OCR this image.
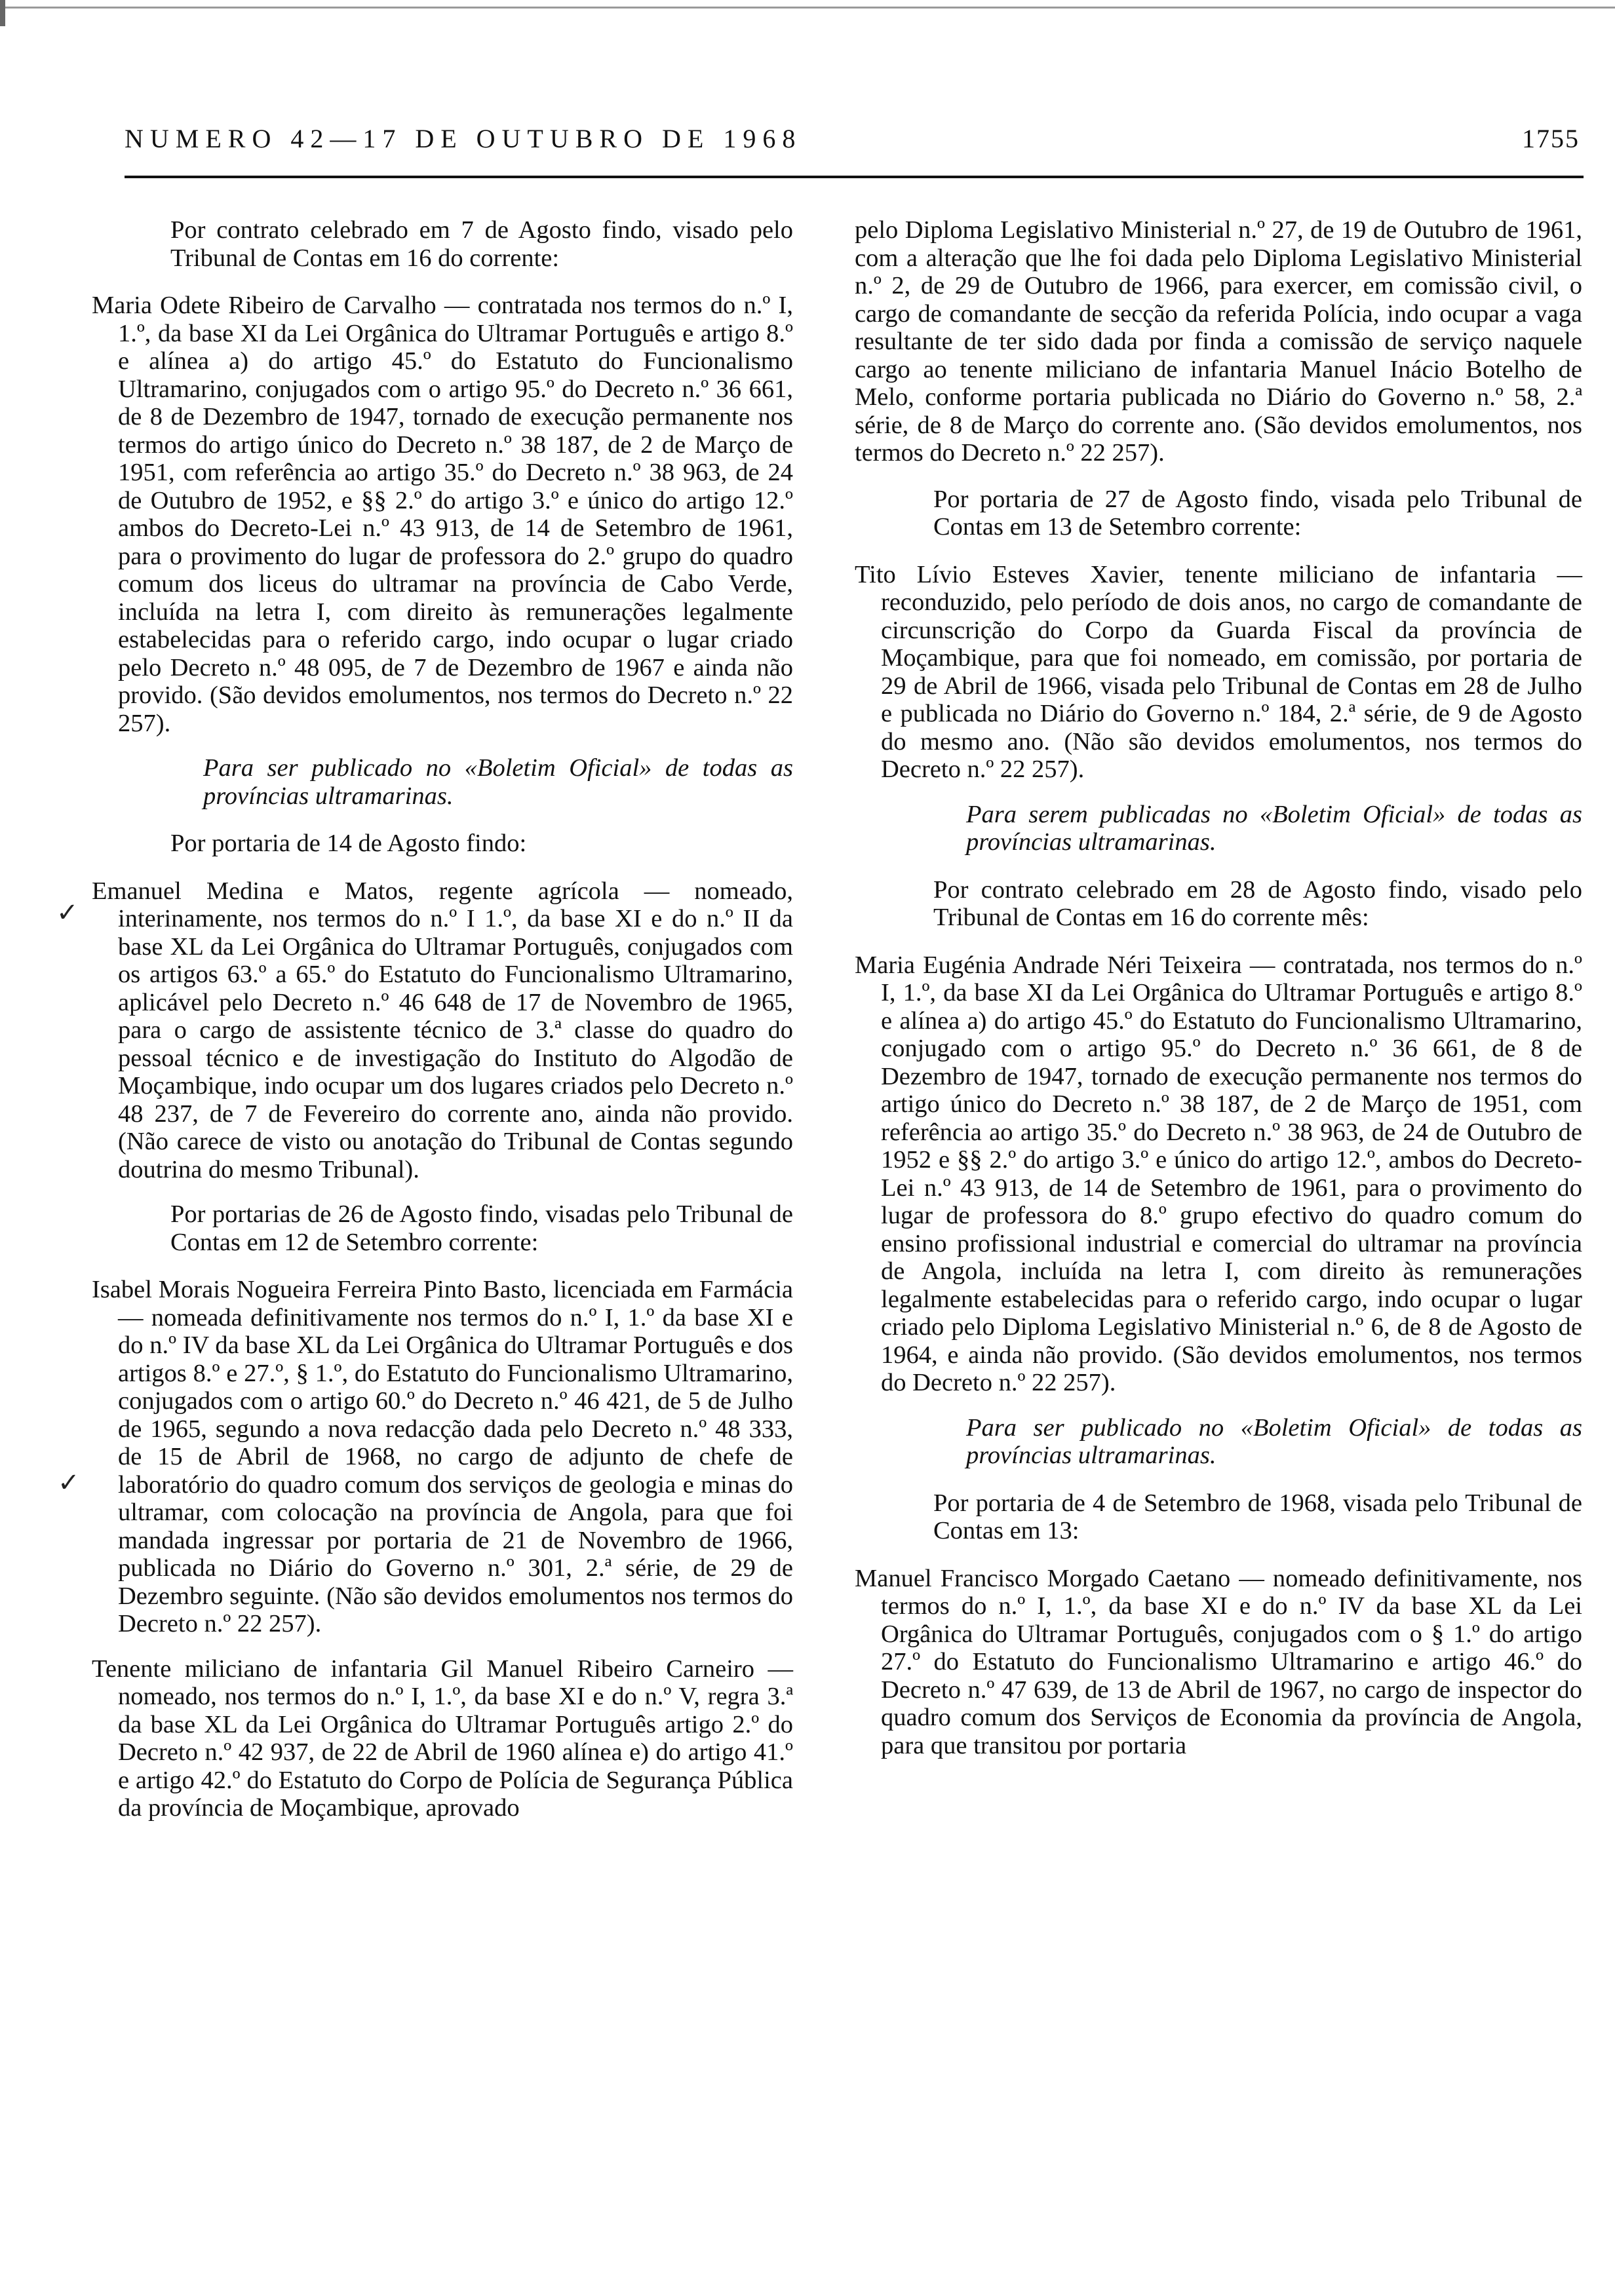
NUMERO 42—17 DE OUTUBRO DE 1968	1755

Por contrato celebrado em 7 de Agosto findo, visado pelo Tribunal de Contas em 16 do corrente:

Maria Odete Ribeiro de Carvalho — contratada nos termos do n.º I, 1.º, da base XI da Lei Orgânica do Ultramar Português e artigo 8.º e alínea a) do artigo 45.º do Estatuto do Funcionalismo Ultramarino, conjugados com o artigo 95.º do Decreto n.º 36 661, de 8 de Dezembro de 1947, tornado de execução permanente nos termos do artigo único do Decreto n.º 38 187, de 2 de Março de 1951, com referência ao artigo 35.º do Decreto n.º 38 963, de 24 de Outubro de 1952, e §§ 2.º do artigo 3.º e único do artigo 12.º ambos do Decreto-Lei n.º 43 913, de 14 de Setembro de 1961, para o provimento do lugar de professora do 2.º grupo do quadro comum dos liceus do ultramar na província de Cabo Verde, incluída na letra I, com direito às remunerações legalmente estabelecidas para o referido cargo, indo ocupar o lugar criado pelo Decreto n.º 48 095, de 7 de Dezembro de 1967 e ainda não provido. (São devidos emolumentos, nos termos do Decreto n.º 22 257).

Para ser publicado no «Boletim Oficial» de todas as províncias ultramarinas.

Por portaria de 14 de Agosto findo:

Emanuel Medina e Matos, regente agrícola — nomeado, interinamente, nos termos do n.º I 1.º, da base XI e do n.º II da base XL da Lei Orgânica do Ultramar Português, conjugados com os artigos 63.º a 65.º do Estatuto do Funcionalismo Ultramarino, aplicável pelo Decreto n.º 46 648 de 17 de Novembro de 1965, para o cargo de assistente técnico de 3.ª classe do quadro do pessoal técnico e de investigação do Instituto do Algodão de Moçambique, indo ocupar um dos lugares criados pelo Decreto n.º 48 237, de 7 de Fevereiro do corrente ano, ainda não provido. (Não carece de visto ou anotação do Tribunal de Contas segundo doutrina do mesmo Tribunal).

Por portarias de 26 de Agosto findo, visadas pelo Tribunal de Contas em 12 de Setembro corrente:

Isabel Morais Nogueira Ferreira Pinto Basto, licenciada em Farmácia — nomeada definitivamente nos termos do n.º I, 1.º da base XI e do n.º IV da base XL da Lei Orgânica do Ultramar Português e dos artigos 8.º e 27.º, § 1.º, do Estatuto do Funcionalismo Ultramarino, conjugados com o artigo 60.º do Decreto n.º 46 421, de 5 de Julho de 1965, segundo a nova redacção dada pelo Decreto n.º 48 333, de 15 de Abril de 1968, no cargo de adjunto de chefe de laboratório do quadro comum dos serviços de geologia e minas do ultramar, com colocação na província de Angola, para que foi mandada ingressar por portaria de 21 de Novembro de 1966, publicada no Diário do Governo n.º 301, 2.ª série, de 29 de Dezembro seguinte. (Não são devidos emolumentos nos termos do Decreto n.º 22 257).

Tenente miliciano de infantaria Gil Manuel Ribeiro Carneiro — nomeado, nos termos do n.º I, 1.º, da base XI e do n.º V, regra 3.ª da base XL da Lei Orgânica do Ultramar Português artigo 2.º do Decreto n.º 42 937, de 22 de Abril de 1960 alínea e) do artigo 41.º e artigo 42.º do Estatuto do Corpo de Polícia de Segurança Pública da província de Moçambique, aprovado

pelo Diploma Legislativo Ministerial n.º 27, de 19 de Outubro de 1961, com a alteração que lhe foi dada pelo Diploma Legislativo Ministerial n.º 2, de 29 de Outubro de 1966, para exercer, em comissão civil, o cargo de comandante de secção da referida Polícia, indo ocupar a vaga resultante de ter sido dada por finda a comissão de serviço naquele cargo ao tenente miliciano de infantaria Manuel Inácio Botelho de Melo, conforme portaria publicada no Diário do Governo n.º 58, 2.ª série, de 8 de Março do corrente ano. (São devidos emolumentos, nos termos do Decreto n.º 22 257).

Por portaria de 27 de Agosto findo, visada pelo Tribunal de Contas em 13 de Setembro corrente:

Tito Lívio Esteves Xavier, tenente miliciano de infantaria — reconduzido, pelo período de dois anos, no cargo de comandante de circunscrição do Corpo da Guarda Fiscal da província de Moçambique, para que foi nomeado, em comissão, por portaria de 29 de Abril de 1966, visada pelo Tribunal de Contas em 28 de Julho e publicada no Diário do Governo n.º 184, 2.ª série, de 9 de Agosto do mesmo ano. (Não são devidos emolumentos, nos termos do Decreto n.º 22 257).

Para serem publicadas no «Boletim Oficial» de todas as províncias ultramarinas.

Por contrato celebrado em 28 de Agosto findo, visado pelo Tribunal de Contas em 16 do corrente mês:

Maria Eugénia Andrade Néri Teixeira — contratada, nos termos do n.º I, 1.º, da base XI da Lei Orgânica do Ultramar Português e artigo 8.º e alínea a) do artigo 45.º do Estatuto do Funcionalismo Ultramarino, conjugado com o artigo 95.º do Decreto n.º 36 661, de 8 de Dezembro de 1947, tornado de execução permanente nos termos do artigo único do Decreto n.º 38 187, de 2 de Março de 1951, com referência ao artigo 35.º do Decreto n.º 38 963, de 24 de Outubro de 1952 e §§ 2.º do artigo 3.º e único do artigo 12.º, ambos do Decreto-Lei n.º 43 913, de 14 de Setembro de 1961, para o provimento do lugar de professora do 8.º grupo efectivo do quadro comum do ensino profissional industrial e comercial do ultramar na província de Angola, incluída na letra I, com direito às remunerações legalmente estabelecidas para o referido cargo, indo ocupar o lugar criado pelo Diploma Legislativo Ministerial n.º 6, de 8 de Agosto de 1964, e ainda não provido. (São devidos emolumentos, nos termos do Decreto n.º 22 257).

Para ser publicado no «Boletim Oficial» de todas as províncias ultramarinas.

Por portaria de 4 de Setembro de 1968, visada pelo Tribunal de Contas em 13:

Manuel Francisco Morgado Caetano — nomeado definitivamente, nos termos do n.º I, 1.º, da base XI e do n.º IV da base XL da Lei Orgânica do Ultramar Português, conjugados com o § 1.º do artigo 27.º do Estatuto do Funcionalismo Ultramarino e artigo 46.º do Decreto n.º 47 639, de 13 de Abril de 1967, no cargo de inspector do quadro comum dos Serviços de Economia da província de Angola, para que transitou por portaria

✓
✓
